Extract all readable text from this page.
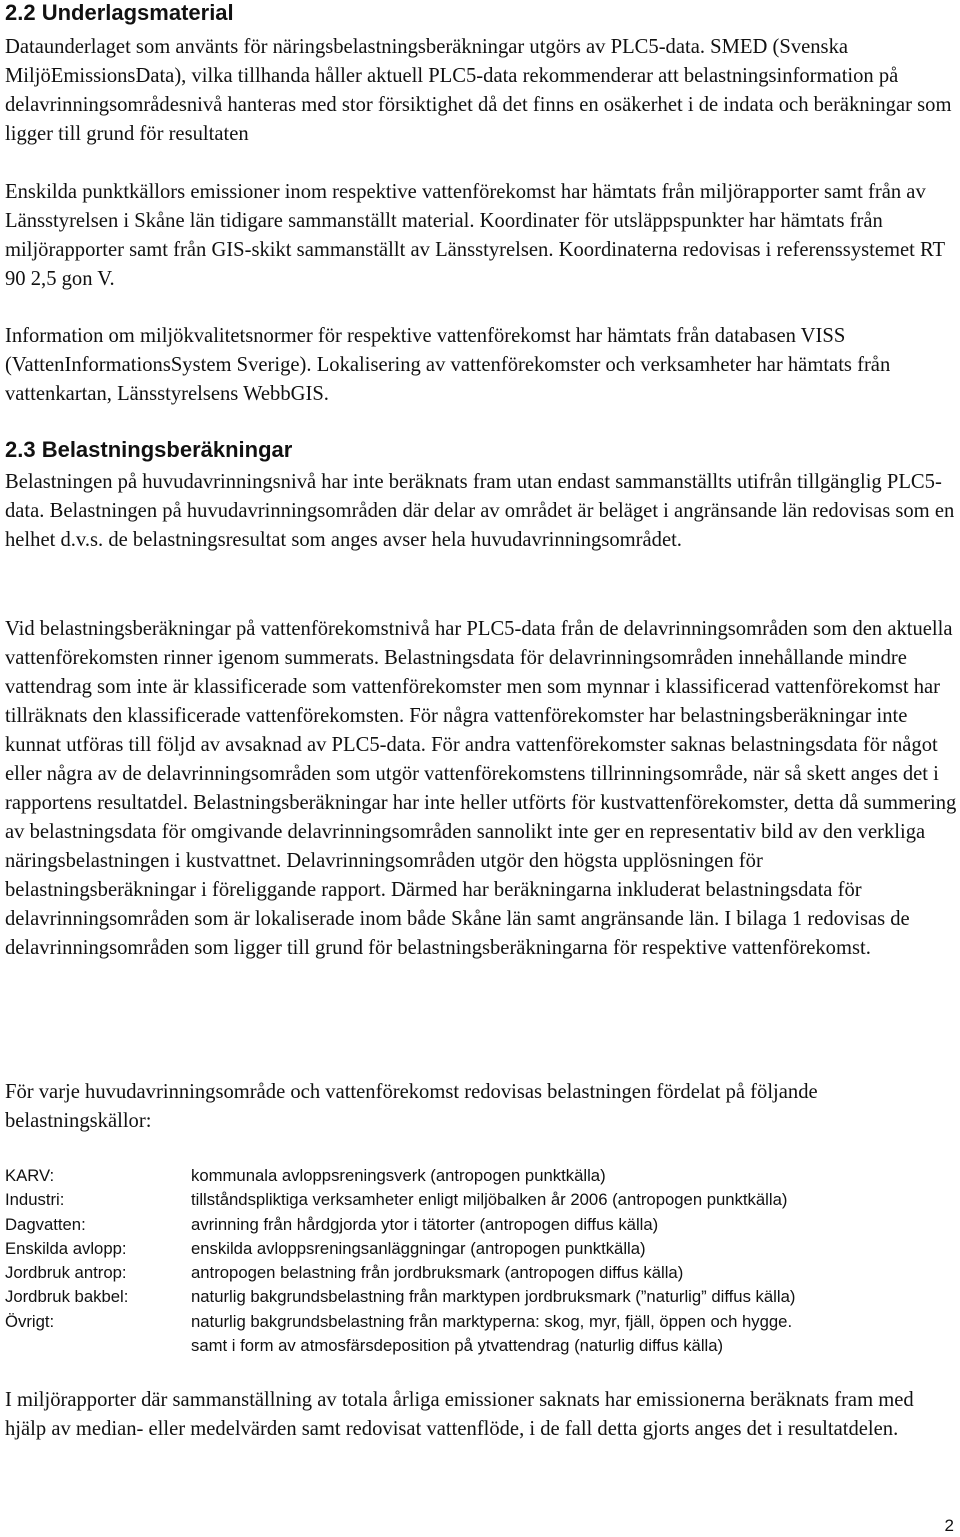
2.2 Underlagsmaterial

Dataunderlaget som använts för näringsbelastningsberäkningar utgörs av PLC5-data. SMED (Svenska MiljöEmissionsData), vilka tillhanda håller aktuell PLC5-data rekommenderar att belastningsinformation på delavrinningsområdesnivå hanteras med stor försiktighet då det finns en osäkerhet i de indata och beräkningar som ligger till grund för resultaten

Enskilda punktkällors emissioner inom respektive vattenförekomst har hämtats från miljörapporter samt från av Länsstyrelsen i Skåne län tidigare sammanställt material. Koordinater för utsläppspunkter har hämtats från miljörapporter samt från GIS-skikt sammanställt av Länsstyrelsen. Koordinaterna redovisas i referenssystemet RT 90 2,5 gon V.

Information om miljökvalitetsnormer för respektive vattenförekomst har hämtats från databasen VISS (VattenInformationsSystem Sverige). Lokalisering av vattenförekomster och verksamheter har hämtats från vattenkartan, Länsstyrelsens WebbGIS.

2.3 Belastningsberäkningar

Belastningen på huvudavrinningsnivå har inte beräknats fram utan endast sammanställts utifrån tillgänglig PLC5-data. Belastningen på huvudavrinningsområden där delar av området är beläget i angränsande län redovisas som en helhet d.v.s. de belastningsresultat som anges avser hela huvudavrinningsområdet.

Vid belastningsberäkningar på vattenförekomstnivå har PLC5-data från de delavrinningsområden som den aktuella vattenförekomsten rinner igenom summerats. Belastningsdata för delavrinningsområden innehållande mindre vattendrag som inte är klassificerade som vattenförekomster men som mynnar i klassificerad vattenförekomst har tillräknats den klassificerade vattenförekomsten. För några vattenförekomster har belastningsberäkningar inte kunnat utföras till följd av avsaknad av PLC5-data. För andra vattenförekomster saknas belastningsdata för något eller några av de delavrinningsområden som utgör vattenförekomstens tillrinningsområde, när så skett anges det i rapportens resultatdel. Belastningsberäkningar har inte heller utförts för kustvattenförekomster, detta då summering av belastningsdata för omgivande delavrinningsområden sannolikt inte ger en representativ bild av den verkliga näringsbelastningen i kustvattnet. Delavrinningsområden utgör den högsta upplösningen för belastningsberäkningar i föreliggande rapport. Därmed har beräkningarna inkluderat belastningsdata för delavrinningsområden som är lokaliserade inom både Skåne län samt angränsande län. I bilaga 1 redovisas de delavrinningsområden som ligger till grund för belastningsberäkningarna för respektive vattenförekomst.

För varje huvudavrinningsområde och vattenförekomst redovisas belastningen fördelat på följande belastningskällor:

KARV:	kommunala avloppsreningsverk (antropogen punktkälla)
Industri:	tillståndspliktiga verksamheter enligt miljöbalken år 2006 (antropogen punktkälla)
Dagvatten:	avrinning från hårdgjorda ytor i tätorter (antropogen diffus källa)
Enskilda avlopp:	enskilda avloppsreningsanläggningar (antropogen punktkälla)
Jordbruk antrop:	antropogen belastning från jordbruksmark (antropogen diffus källa)
Jordbruk bakbel:	naturlig bakgrundsbelastning från marktypen jordbruksmark (”naturlig” diffus källa)
Övrigt:	naturlig bakgrundsbelastning från marktyperna: skog, myr, fjäll, öppen och hygge.
samt i form av atmosfärsdeposition på ytvattendrag (naturlig diffus källa)

I miljörapporter där sammanställning av totala årliga emissioner saknats har emissionerna beräknats fram med hjälp av median- eller medelvärden samt redovisat vattenflöde, i de fall detta gjorts anges det i resultatdelen.

2
